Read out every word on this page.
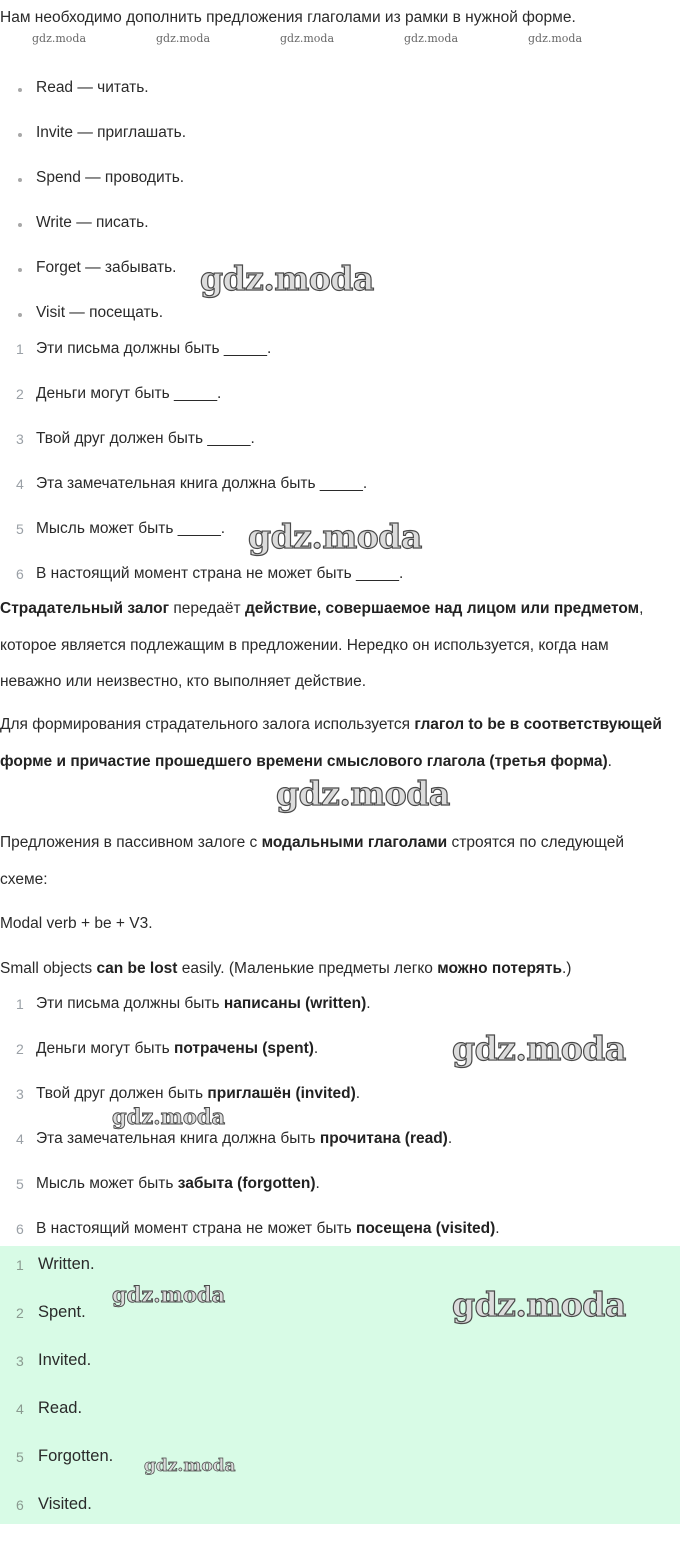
Нам необходимо дополнить предложения глаголами из рамки в нужной форме.
gdz.moda	gdz.moda	gdz.moda	gdz.moda	gdz.moda
Read — читать.
Invite — приглашать.
Spend — проводить.
Write — писать.
Forget — забывать.
Visit — посещать.
gdz.moda
1 Эти письма должны быть _____.
2 Деньги могут быть _____.
3 Твой друг должен быть _____.
4 Эта замечательная книга должна быть _____.
5 Мысль может быть _____.
6 В настоящий момент страна не может быть _____.
gdz.moda
Страдательный залог передаёт действие, совершаемое над лицом или предметом, которое является подлежащим в предложении. Нередко он используется, когда нам неважно или неизвестно, кто выполняет действие.
Для формирования страдательного залога используется глагол to be в соответствующей форме и причастие прошедшего времени смыслового глагола (третья форма).
gdz.moda
Предложения в пассивном залоге с модальными глаголами строятся по следующей схеме:
Modal verb + be + V3.
Small objects can be lost easily. (Маленькие предметы легко можно потерять.)
1 Эти письма должны быть написаны (written).
2 Деньги могут быть потрачены (spent).
3 Твой друг должен быть приглашён (invited).
4 Эта замечательная книга должна быть прочитана (read).
5 Мысль может быть забыта (forgotten).
6 В настоящий момент страна не может быть посещена (visited).
gdz.moda
gdz.moda
1 Written.
2 Spent.
3 Invited.
4 Read.
5 Forgotten.
6 Visited.
gdz.moda	gdz.moda
gdz.moda
